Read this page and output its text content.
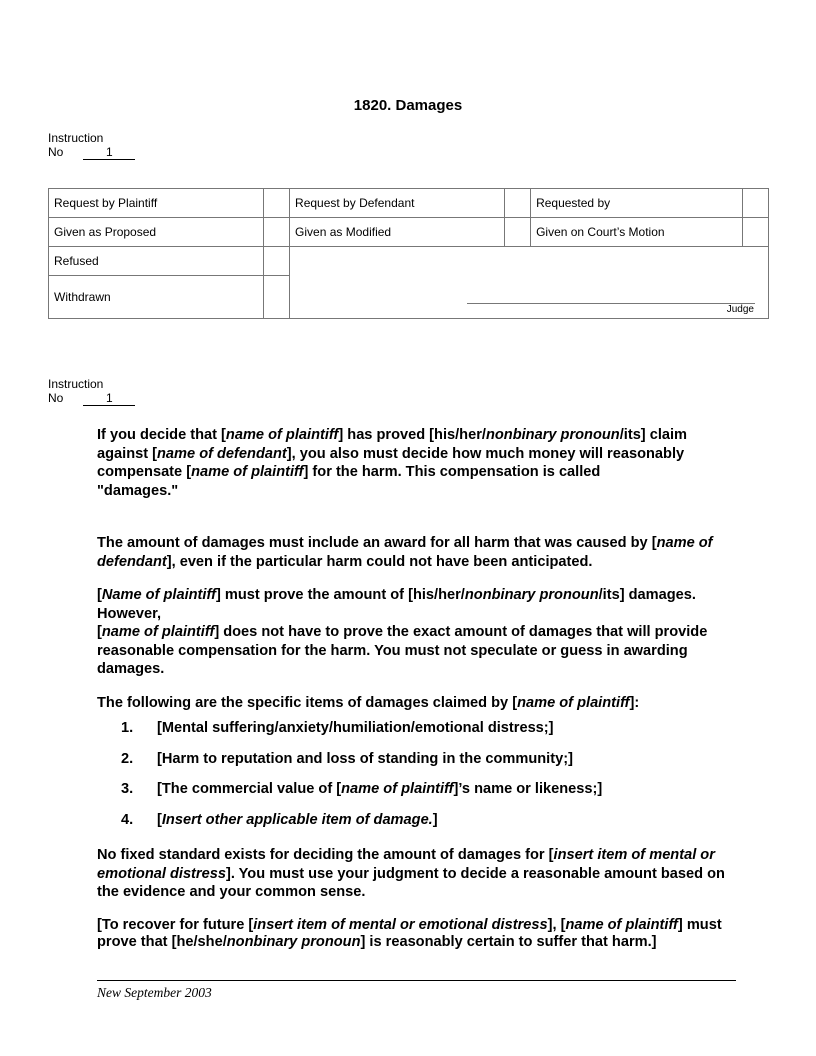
1820. Damages
Instruction
No	1
Request by Plaintiff		Request by Defendant		Requested by	
Given as Proposed		Given as Modified		Given on Court’s Motion	
Refused					
Withdrawn					
Judge
Instruction
No	1

If you decide that [name of plaintiff] has proved [his/her/nonbinary pronoun/its] claim against [name of defendant], you also must decide how much money will reasonably compensate [name of plaintiff] for the harm. This compensation is called
"damages."

The amount of damages must include an award for all harm that was caused by [name of defendant], even if the particular harm could not have been anticipated.

[Name of plaintiff] must prove the amount of [his/her/nonbinary pronoun/its] damages. However,
[name of plaintiff] does not have to prove the exact amount of damages that will provide reasonable compensation for the harm. You must not speculate or guess in awarding damages.

The following are the specific items of damages claimed by [name of plaintiff]:

1. [Mental suffering/anxiety/humiliation/emotional distress;]
2. [Harm to reputation and loss of standing in the community;]
3. [The commercial value of [name of plaintiff]’s name or likeness;]
4. [Insert other applicable item of damage.]

No fixed standard exists for deciding the amount of damages for [insert item of mental or emotional distress]. You must use your judgment to decide a reasonable amount based on the evidence and your common sense.

[To recover for future [insert item of mental or emotional distress], [name of plaintiff] must prove that [he/she/nonbinary pronoun] is reasonably certain to suffer that harm.]

New September 2003
